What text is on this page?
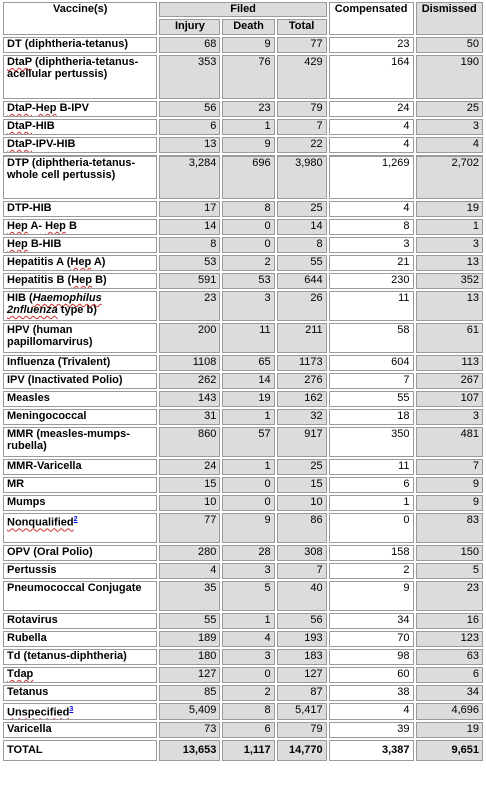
Vaccine(s)	Filed			Compensated	Dismissed
	Injury	Death	Total		
DT (diphtheria-tetanus)	68	9	77	23	50
DtaP (diphtheria-tetanus-acellular pertussis)	353	76	429	164	190
DtaP-Hep B-IPV	56	23	79	24	25
DtaP-HIB	6	1	7	4	3
DtaP-IPV-HIB	13	9	22	4	4
DTP (diphtheria-tetanus-whole cell pertussis)	3,284	696	3,980	1,269	2,702
DTP-HIB	17	8	25	4	19
Hep A- Hep B	14	0	14	8	1
Hep B-HIB	8	0	8	3	3
Hepatitis A (Hep A)	53	2	55	21	13
Hepatitis B (Hep B)	591	53	644	230	352
HIB (Haemophilus 2nfluenza type b)	23	3	26	11	13
HPV (human papillomarvirus)	200	11	211	58	61
Influenza (Trivalent)	1108	65	1173	604	113
IPV (Inactivated Polio)	262	14	276	7	267
Measles	143	19	162	55	107
Meningococcal	31	1	32	18	3
MMR (measles-mumps-rubella)	860	57	917	350	481
MMR-Varicella	24	1	25	11	7
MR	15	0	15	6	9
Mumps	10	0	10	1	9
Nonqualified$^2$	77	9	86	0	83
OPV (Oral Polio)	280	28	308	158	150
Pertussis	4	3	7	2	5
Pneumococcal Conjugate	35	5	40	9	23
Rotavirus	55	1	56	34	16
Rubella	189	4	193	70	123
Td (tetanus-diphtheria)	180	3	183	98	63
Tdap	127	0	127	60	6
Tetanus	85	2	87	38	34
Unspecified$^3$	5,409	8	5,417	4	4,696
Varicella	73	6	79	39	19
TOTAL	13,653	1,117	14,770	3,387	9,651
